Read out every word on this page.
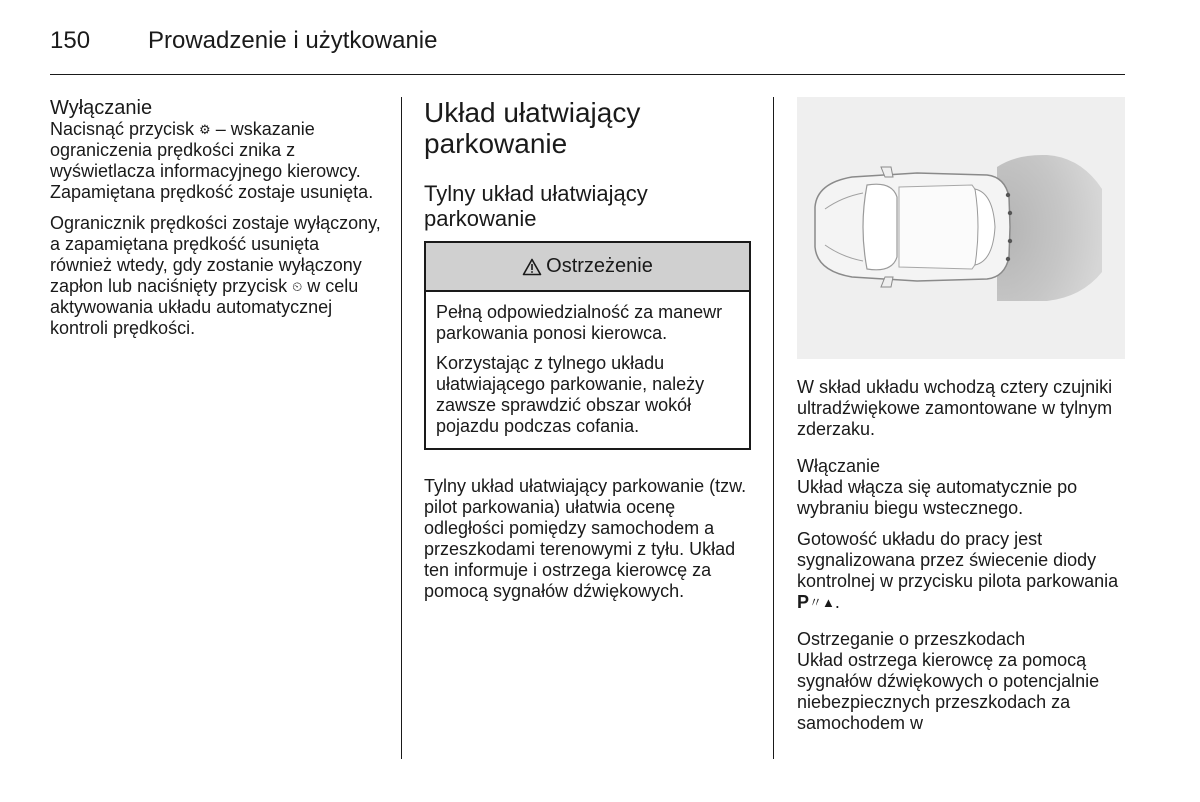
150 Prowadzenie i użytkowanie
Wyłączanie

Nacisnąć przycisk ⚙ – wskazanie ograniczenia prędkości znika z wyświetlacza informacyjnego kierowcy. Zapamiętana prędkość zostaje usunięta.

Ogranicznik prędkości zostaje wyłączony, a zapamiętana prędkość usunięta również wtedy, gdy zostanie wyłączony zapłon lub naciśnięty przycisk ⏲ w celu aktywowania układu automatycznej kontroli prędkości.

Układ ułatwiający parkowanie
Tylny układ ułatwiający parkowanie
Ostrzeżenie

Pełną odpowiedzialność za manewr parkowania ponosi kierowca.

Korzystając z tylnego układu ułatwiającego parkowanie, należy zawsze sprawdzić obszar wokół pojazdu podczas cofania.

Tylny układ ułatwiający parkowanie (tzw. pilot parkowania) ułatwia ocenę odległości pomiędzy samochodem a przeszkodami terenowymi z tyłu. Układ ten informuje i ostrzega kierowcę za pomocą sygnałów dźwiękowych.

W skład układu wchodzą cztery czujniki ultradźwiękowe zamontowane w tylnym zderzaku.

Włączanie

Układ włącza się automatycznie po wybraniu biegu wstecznego.

Gotowość układu do pracy jest sygnalizowana przez świecenie diody kontrolnej w przycisku pilota parkowania P〃▲.

Ostrzeganie o przeszkodach

Układ ostrzega kierowcę za pomocą sygnałów dźwiękowych o potencjalnie niebezpiecznych przeszkodach za samochodem w
